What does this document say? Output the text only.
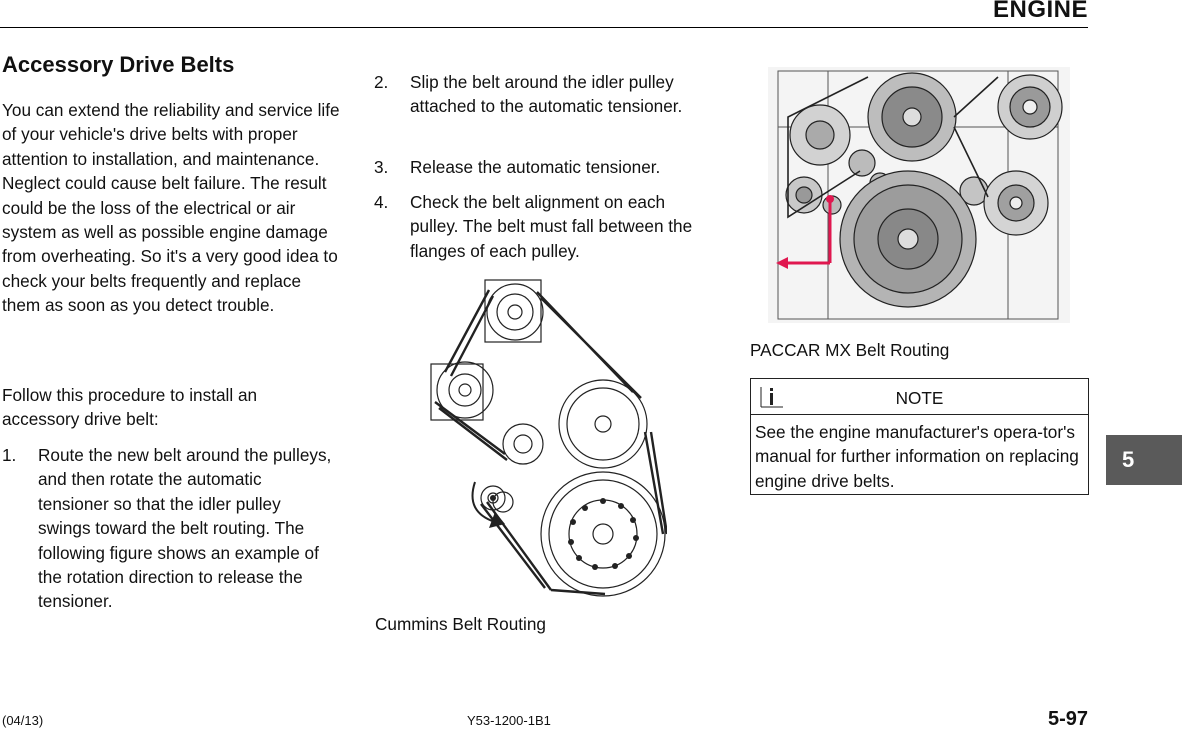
ENGINE
Accessory Drive Belts
You can extend the reliability and service life of your vehicle's drive belts with proper attention to installation, and maintenance. Neglect could cause belt failure. The result could be the loss of the electrical or air system as well as possible engine damage from overheating. So it's a very good idea to check your belts frequently and replace them as soon as you detect trouble.
Follow this procedure to install an accessory drive belt:
1. Route the new belt around the pulleys, and then rotate the automatic tensioner so that the idler pulley swings toward the belt routing. The following figure shows an example of the rotation direction to release the tensioner.
2. Slip the belt around the idler pulley attached to the automatic tensioner.
3. Release the automatic tensioner.
4. Check the belt alignment on each pulley. The belt must fall between the flanges of each pulley.
Cummins Belt Routing
PACCAR MX Belt Routing
NOTE
See the engine manufacturer's opera-tor's manual for further information on replacing engine drive belts.
5
(04/13)	Y53-1200-1B1	5-97
